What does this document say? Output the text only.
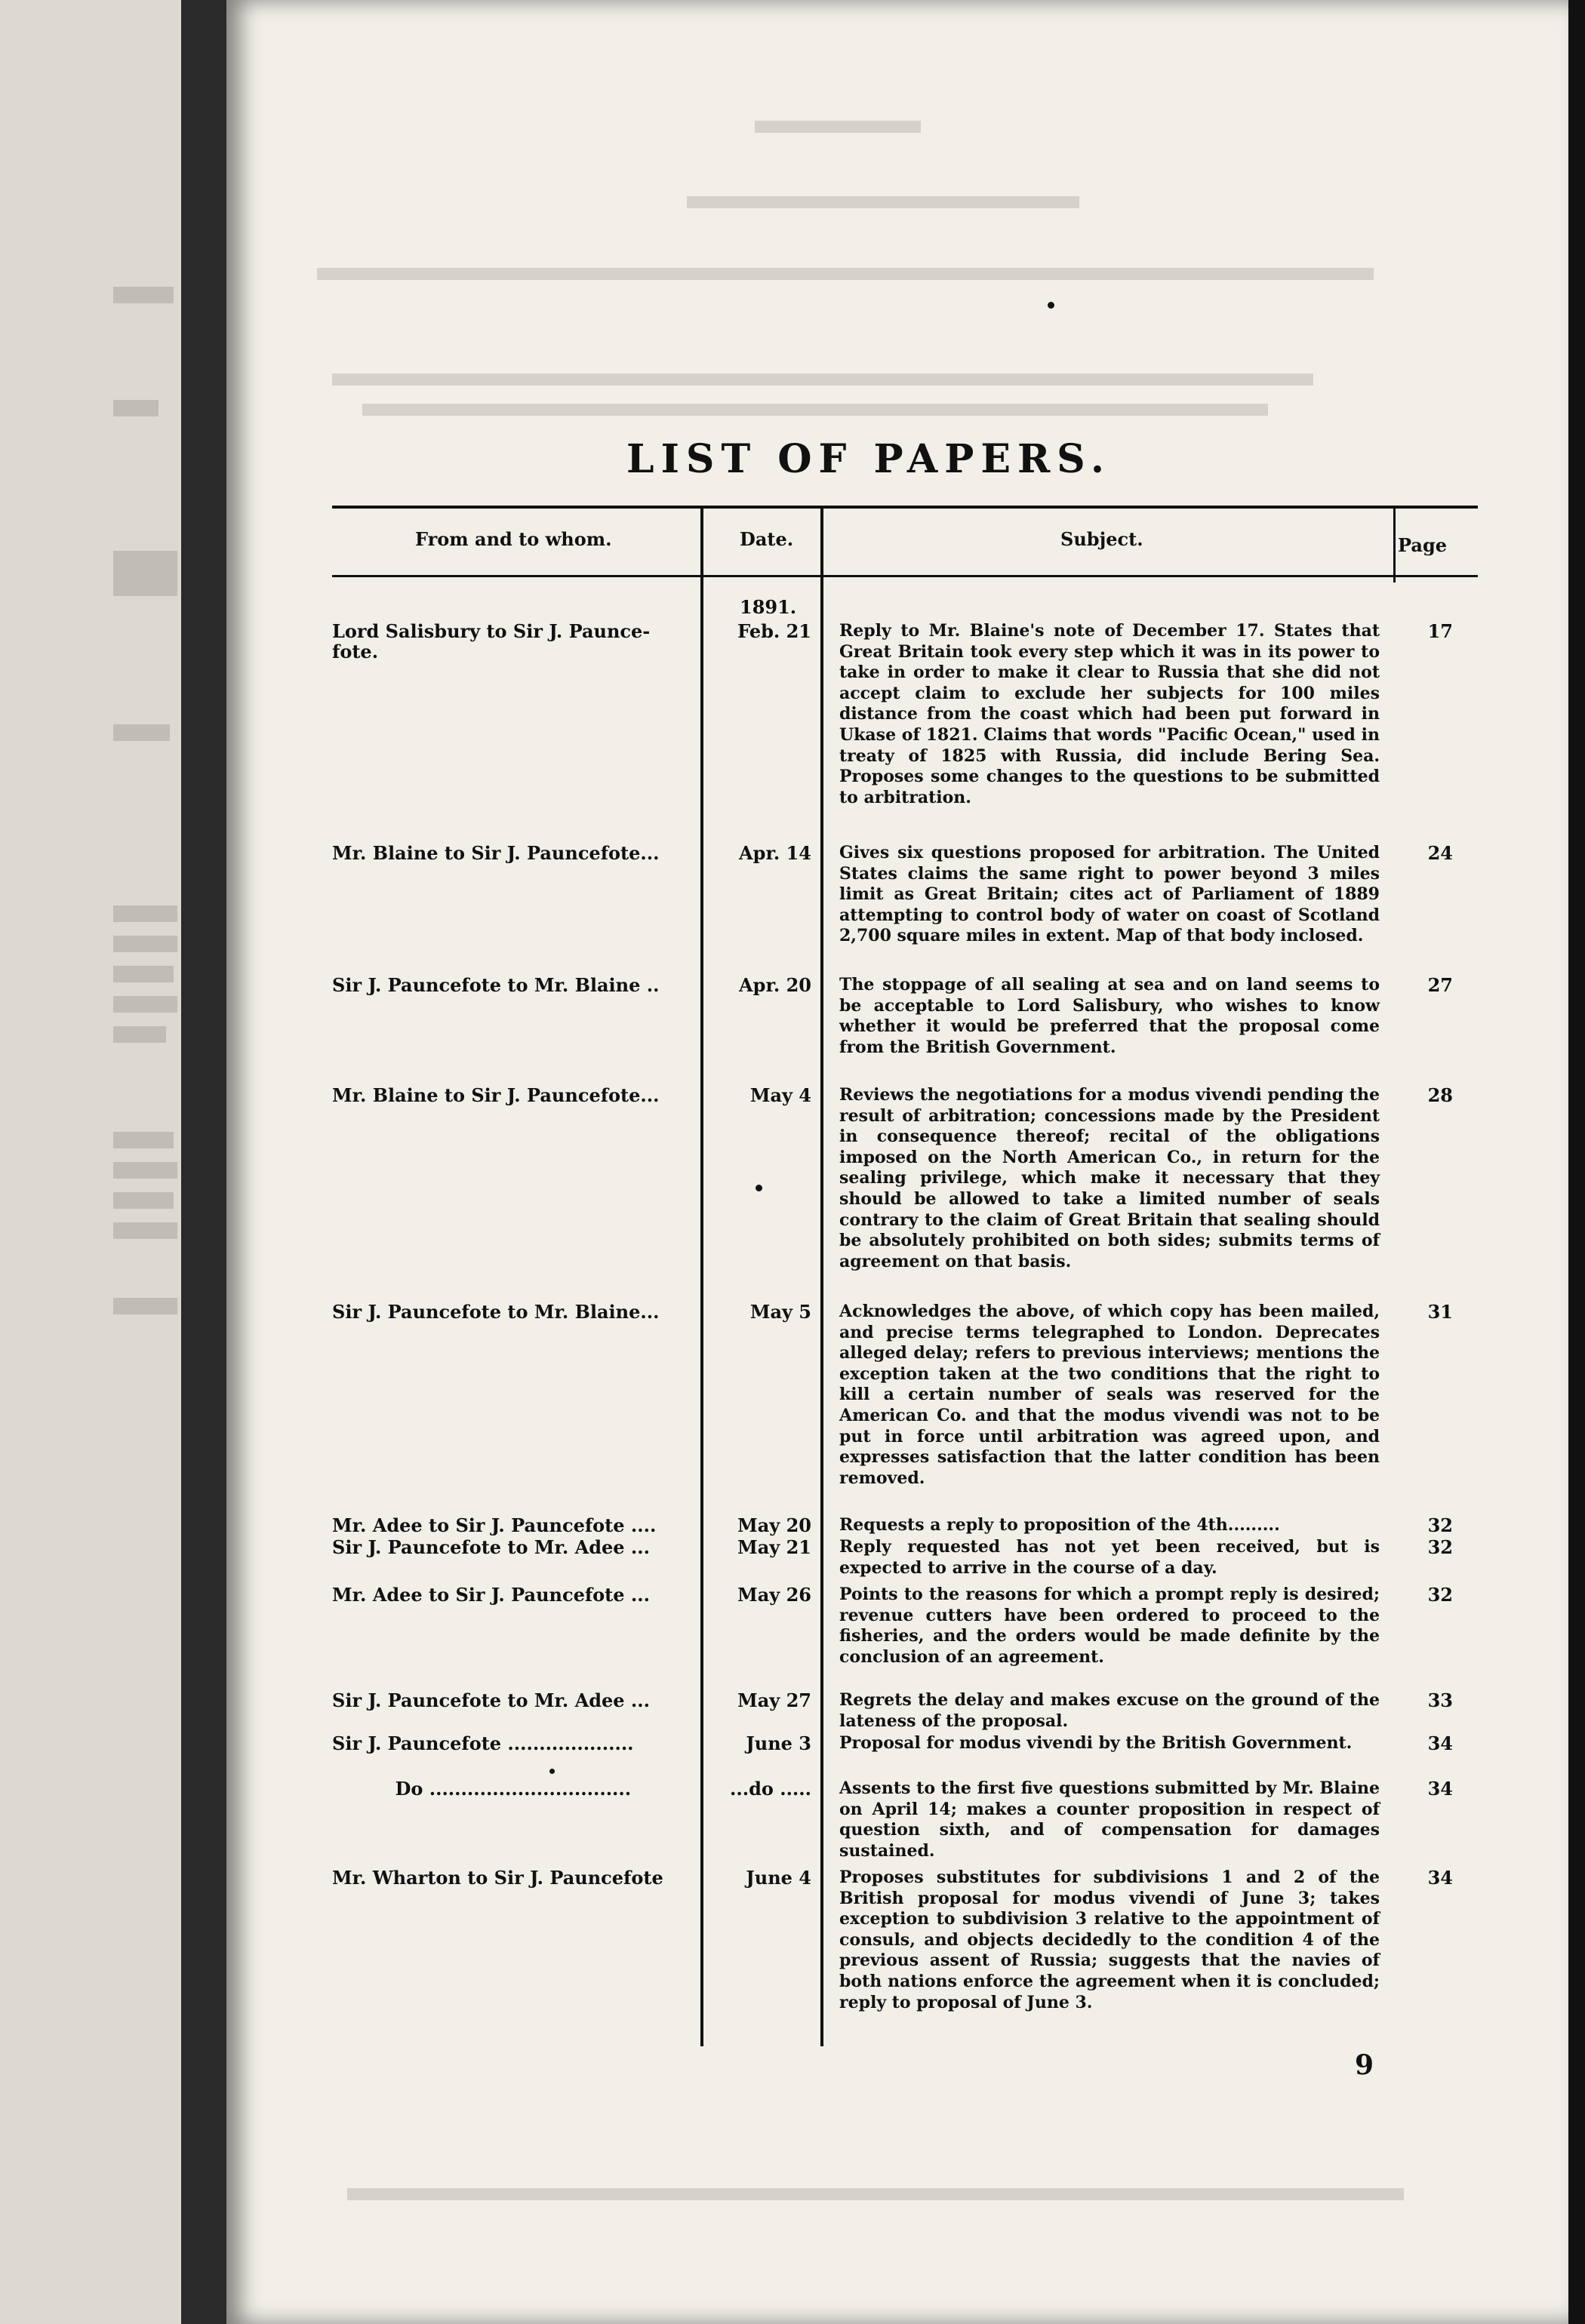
LIST OF PAPERS.
From and to whom.	Date.	Subject.	Page
1891.
Lord Salisbury to Sir J. Paunce-
fote.
Feb. 21 Reply to Mr. Blaine's note of December 17. States that Great Britain took every step which it was in its power to take in order to make it clear to Russia that she did not accept claim to exclude her subjects for 100 miles distance from the coast which had been put forward in Ukase of 1821. Claims that words "Pacific Ocean," used in treaty of 1825 with Russia, did include Bering Sea. Proposes some changes to the questions to be submitted to arbitration.
17
Mr. Blaine to Sir J. Pauncefote...	Apr. 14 Gives six questions proposed for arbitration. The United States claims the same right to power beyond 3 miles limit as Great Britain; cites act of Parliament of 1889 attempting to control body of water on coast of Scotland 2,700 square miles in extent. Map of that body inclosed.
24
Sir J. Pauncefote to Mr. Blaine ..	Apr. 20 The stoppage of all sealing at sea and on land seems to be acceptable to Lord Salisbury, who wishes to know whether it would be preferred that the proposal come from the British Government.
27
Mr. Blaine to Sir J. Pauncefote...	May 4 Reviews the negotiations for a modus vivendi pending the result of arbitration; concessions made by the President in consequence thereof; recital of the obligations imposed on the North American Co., in return for the sealing privilege, which make it necessary that they should be allowed to take a limited number of seals contrary to the claim of Great Britain that sealing should be absolutely prohibited on both sides; submits terms of agreement on that basis.
28
Sir J. Pauncefote to Mr. Blaine...	May 5 Acknowledges the above, of which copy has been mailed, and precise terms telegraphed to London. Deprecates alleged delay; refers to previous interviews; mentions the exception taken at the two conditions that the right to kill a certain number of seals was reserved for the American Co. and that the modus vivendi was not to be put in force until arbitration was agreed upon, and expresses satisfaction that the latter condition has been removed.
31
Mr. Adee to Sir J. Pauncefote ....	May 20 Requests a reply to proposition of the 4th.........	32
Sir J. Pauncefote to Mr. Adee ...	May 21 Reply requested has not yet been received, but is expected to arrive in the course of a day.
32
Mr. Adee to Sir J. Pauncefote ...	May 26 Points to the reasons for which a prompt reply is desired; revenue cutters have been ordered to proceed to the fisheries, and the orders would be made definite by the conclusion of an agreement.
32
Sir J. Pauncefote to Mr. Adee ...	May 27 Regrets the delay and makes excuse on the ground of the lateness of the proposal.
33
Sir J. Pauncefote ....................	June 3 Proposal for modus vivendi by the British Government.	34
Do ................................	...do ..... Assents to the first five questions submitted by Mr. Blaine on April 14; makes a counter proposition in respect of question sixth, and of compensation for damages sustained.
34
Mr. Wharton to Sir J. Pauncefote	June 4 Proposes substitutes for subdivisions 1 and 2 of the British proposal for modus vivendi of June 3; takes exception to subdivision 3 relative to the appointment of consuls, and objects decidedly to the condition 4 of the previous assent of Russia; suggests that the navies of both nations enforce the agreement when it is concluded; reply to proposal of June 3.
34
9
